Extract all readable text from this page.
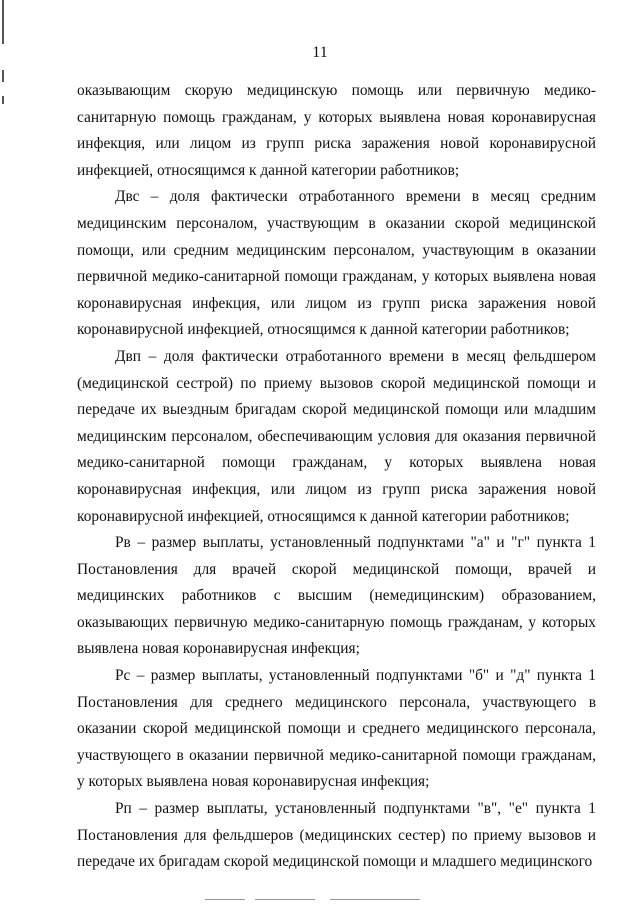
11

оказывающим скорую медицинскую помощь или первичную медико-санитарную помощь гражданам, у которых выявлена новая коронавирусная инфекция, или лицом из групп риска заражения новой коронавирусной инфекцией, относящимся к данной категории работников;

Двс – доля фактически отработанного времени в месяц средним медицинским персоналом, участвующим в оказании скорой медицинской помощи, или средним медицинским персоналом, участвующим в оказании первичной медико-санитарной помощи гражданам, у которых выявлена новая коронавирусная инфекция, или лицом из групп риска заражения новой коронавирусной инфекцией, относящимся к данной категории работников;

Двп – доля фактически отработанного времени в месяц фельдшером (медицинской сестрой) по приему вызовов скорой медицинской помощи и передаче их выездным бригадам скорой медицинской помощи или младшим медицинским персоналом, обеспечивающим условия для оказания первичной медико-санитарной помощи гражданам, у которых выявлена новая коронавирусная инфекция, или лицом из групп риска заражения новой коронавирусной инфекцией, относящимся к данной категории работников;

Рв – размер выплаты, установленный подпунктами "а" и "г" пункта 1 Постановления для врачей скорой медицинской помощи, врачей и медицинских работников с высшим (немедицинским) образованием, оказывающих первичную медико-санитарную помощь гражданам, у которых выявлена новая коронавирусная инфекция;

Рс – размер выплаты, установленный подпунктами "б" и "д" пункта 1 Постановления для среднего медицинского персонала, участвующего в оказании скорой медицинской помощи и среднего медицинского персонала, участвующего в оказании первичной медико-санитарной помощи гражданам, у которых выявлена новая коронавирусная инфекция;

Рп – размер выплаты, установленный подпунктами "в", "е" пункта 1 Постановления для фельдшеров (медицинских сестер) по приему вызовов и передаче их бригадам скорой медицинской помощи и младшего медицинского
